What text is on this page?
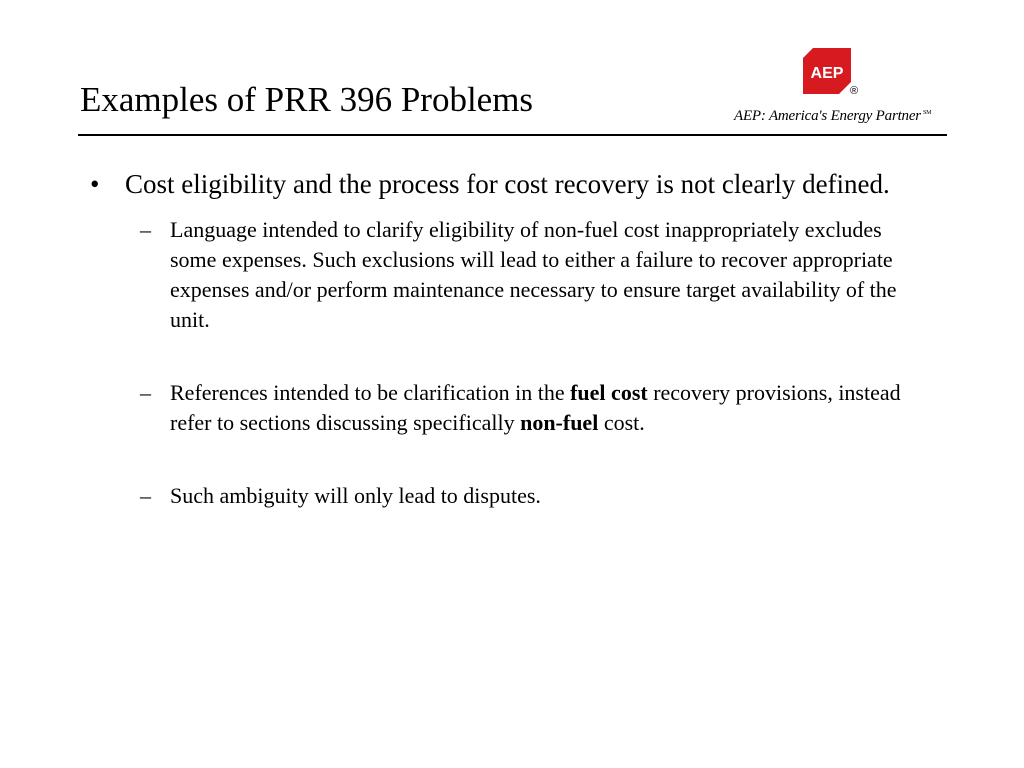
Examples of PRR 396 Problems
AEP
®
AEP: America's Energy Partner ℠
• Cost eligibility and the process for cost recovery is not clearly defined.
– Language intended to clarify eligibility of non-fuel cost inappropriately excludes some expenses. Such exclusions will lead to either a failure to recover appropriate expenses and/or perform maintenance necessary to ensure target availability of the unit.
– References intended to be clarification in the fuel cost recovery provisions, instead refer to sections discussing specifically non-fuel cost.
– Such ambiguity will only lead to disputes.
